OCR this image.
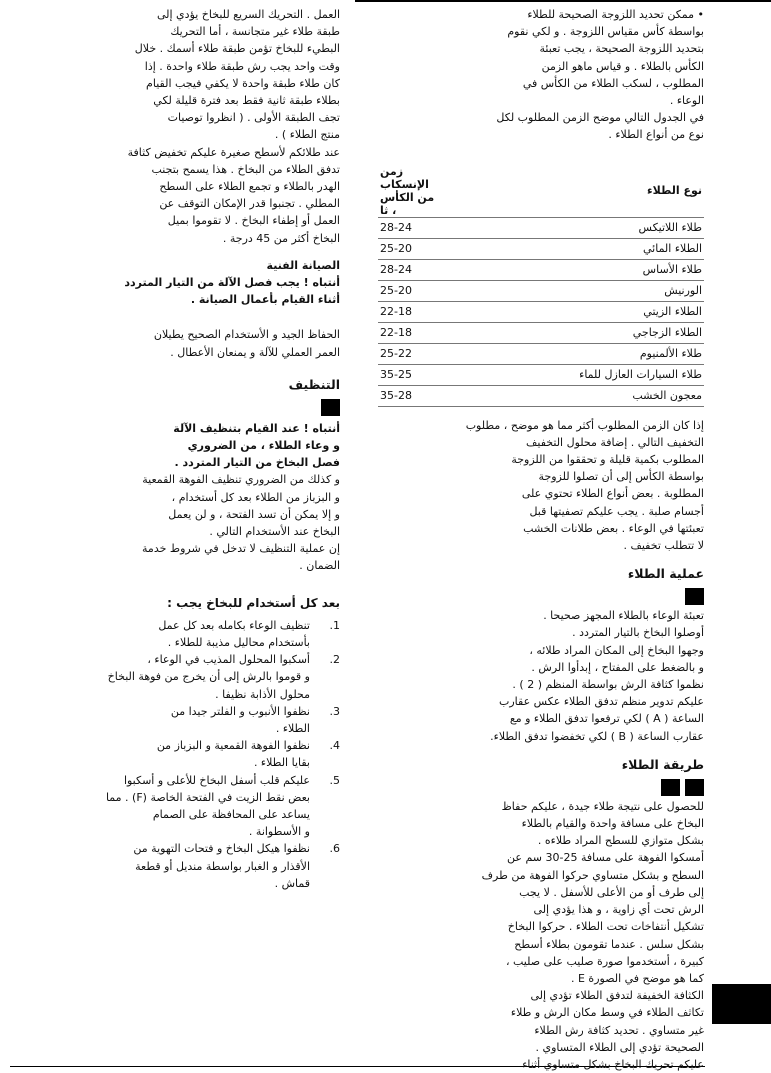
• ممكن تحديد اللزوجة الصحيحة للطلاء

بواسطة كأس مقياس اللزوجة . و لكي نقوم

بتحديد اللزوجة الصحيحة ، يجب تعبئة

الكأس بالطلاء . و قياس ماهو الزمن

المطلوب ، لسكب الطلاء من الكأس في

الوعاء .

في الجدول التالي موضح الزمن المطلوب لكل

نوع من أنواع الطلاء .

نوع الطلاء	زمن الإنسكاب من الكأس ، ثا
طلاء اللاتيكس	28-24
الطلاء المائي	25-20
طلاء الأساس	28-24
الورنيش	25-20
الطلاء الزيتي	22-18
الطلاء الزجاجي	22-18
طلاء الألمنيوم	25-22
طلاء السيارات العازل للماء	35-25
معجون الخشب	35-28

إذا كان الزمن المطلوب أكثر مما هو موضح ، مطلوب

التخفيف التالي . إضافة محلول التخفيف

المطلوب بكمية قليلة و تحققوا من اللزوجة

بواسطة الكأس إلى أن تصلوا للزوجة

المطلوبة . بعض أنواع الطلاء تحتوي على

أجسام صلبة . يجب عليكم تصفيتها قبل

تعبئتها في الوعاء . بعض طلانات الخشب

لا تتطلب تخفيف .

عملية الطلاء

تعبئة الوعاء بالطلاء المجهز صحيحا .

أوصلوا البخاخ بالتيار المتردد .

وجهوا البخاخ إلى المكان المراد طلائه ،

و بالضغط على المفتاح ، إبدأوا الرش .

نظموا كثافة الرش بواسطة المنظم ( 2 ) .

عليكم تدوير منظم تدفق الطلاء عكس عقارب

الساعة ( A ) لكي ترفعوا تدفق الطلاء و مع

عقارب الساعة ( B ) لكي تخفضوا تدفق الطلاء.

طريقة الطلاء

للحصول على نتيجة طلاء جيدة ، عليكم حفاظ

البخاخ على مسافة واحدة والقيام بالطلاء

بشكل متوازي للسطح المراد طلاءه .

أمسكوا الفوهة على مسافة 25-30 سم عن

السطح و بشكل متساوي حركوا الفوهة من طرف

إلى طرف أو من الأعلى للأسفل . لا يجب

الرش تحت أي زاوية ، و هذا يؤدي إلى

تشكيل أنتفاخات تحت الطلاء . حركوا البخاخ

بشكل سلس . عندما تقومون بطلاء أسطح

كبيرة ، أستخدموا صورة صليب على صليب ،

كما هو موضح في الصورة E .

الكثافة الخفيفة لتدفق الطلاء تؤدي إلى

تكاثف الطلاء في وسط مكان الرش و طلاء

غير متساوي . تحديد كثافة رش الطلاء

الصحيحة تؤدي إلى الطلاء المتساوي .

عليكم تحريك البخاخ بشكل متساوي أثناء

العمل . التحريك السريع للبخاخ يؤدي إلى

طبقة طلاء غير متجانسة ، أما التحريك

البطيء للبخاخ تؤمن طبقة طلاء أسمك . خلال

وقت واحد يجب رش طبقة طلاء واحدة . إذا

كان طلاء طبقة واحدة لا يكفي فيجب القيام

بطلاء طبقة ثانية فقط بعد فترة قليلة لكي

تجف الطبقة الأولى . ( انظروا توصيات

منتج الطلاء ) .

عند طلائكم لأسطح صغيرة عليكم تخفيض كثافة

تدفق الطلاء من البخاخ . هذا يسمح بتجنب

الهدر بالطلاء و تجمع الطلاء على السطح

المطلي . تجنبوا قدر الإمكان التوقف عن

العمل أو إطفاء البخاخ . لا تقوموا بميل

البخاخ أكثر من 45 درجة .

الصيانة الفنية

أنتباه ! يجب فصل الآلة من التيار المتردد

أثناء القيام بأعمال الصيانة .

الحفاظ الجيد و الأستخدام الصحيح يطيلان

العمر العملي للآلة و يمنعان الأعطال .

التنظيف

أنتباه ! عند القيام بتنظيف الآلة

و وعاء الطلاء ، من الضروري

فصل البخاخ من التيار المتردد .

و كذلك من الضروري تنظيف الفوهة القمعية

و البزباز من الطلاء بعد كل أستخدام ،

و إلا يمكن أن تسد الفتحة ، و لن يعمل

البخاخ عند الأستخدام التالي .

إن عملية التنظيف لا تدخل في شروط خدمة

الضمان .

بعد كل أستخدام للبخاخ يجب :

1.
تنظيف الوعاء بكامله بعد كل عمل
بأستخدام محاليل مذيبة للطلاء .
2.
أسكبوا المحلول المذيب في الوعاء ،
و قوموا بالرش إلى أن يخرج من فوهة البخاخ
محلول الأذابة نظيفا .
3.
نظفوا الأنبوب و الفلتر جيدا من
الطلاء .
4.
نظفوا الفوهة القمعية و البزباز من
بقايا الطلاء .
5.
عليكم قلب أسفل البخاخ للأعلى و أسكبوا
بعض نقط الزيت في الفتحة الخاصة (F) . مما
يساعد على المحافظة على الصمام
و الأسطوانة .
6.
نظفوا هيكل البخاخ و فتحات التهوية من
الأقذار و الغبار بواسطة منديل أو قطعة
قماش .
